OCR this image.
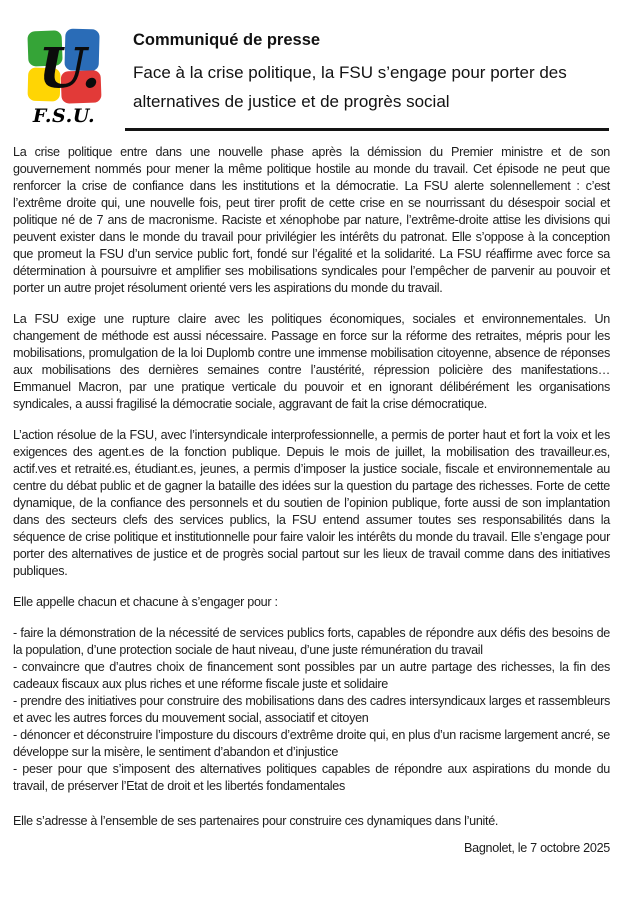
U.
F.S.U.
Communiqué de presse
Face à la crise politique, la FSU s’engage pour porter des alternatives de justice et de progrès social

La crise politique entre dans une nouvelle phase après la démission du Premier ministre et de son gouvernement nommés pour mener la même politique hostile au monde du travail. Cet épisode ne peut que renforcer la crise de confiance dans les institutions et la démocratie. La FSU alerte solennellement : c’est l’extrême droite qui, une nouvelle fois, peut tirer profit de cette crise en se nourrissant du désespoir social et politique né de 7 ans de macronisme. Raciste et xénophobe par nature, l’extrême-droite attise les divisions qui peuvent exister dans le monde du travail pour privilégier les intérêts du patronat. Elle s’oppose à la conception que promeut la FSU d’un service public fort, fondé sur l’égalité et la solidarité. La FSU réaffirme avec force sa détermination à poursuivre et amplifier ses mobilisations syndicales pour l’empêcher de parvenir au pouvoir et porter un autre projet résolument orienté vers les aspirations du monde du travail.

La FSU exige une rupture claire avec les politiques économiques, sociales et environnementales. Un changement de méthode est aussi nécessaire. Passage en force sur la réforme des retraites, mépris pour les mobilisations, promulgation de la loi Duplomb contre une immense mobilisation citoyenne, absence de réponses aux mobilisations des dernières semaines contre l’austérité, répression policière des manifestations… Emmanuel Macron, par une pratique verticale du pouvoir et en ignorant délibérément les organisations syndicales, a aussi fragilisé la démocratie sociale, aggravant de fait la crise démocratique.

L’action résolue de la FSU, avec l’intersyndicale interprofessionnelle, a permis de porter haut et fort la voix et les exigences des agent.es de la fonction publique. Depuis le mois de juillet, la mobilisation des travailleur.es, actif.ves et retraité.es, étudiant.es, jeunes, a permis d’imposer la justice sociale, fiscale et environnementale au centre du débat public et de gagner la bataille des idées sur la question du partage des richesses. Forte de cette dynamique, de la confiance des personnels et du soutien de l’opinion publique, forte aussi de son implantation dans des secteurs clefs des services publics, la FSU entend assumer toutes ses responsabilités dans la séquence de crise politique et institutionnelle pour faire valoir les intérêts du monde du travail. Elle s’engage pour porter des alternatives de justice et de progrès social partout sur les lieux de travail comme dans des initiatives publiques.

Elle appelle chacun et chacune à s’engager pour :

- faire la démonstration de la nécessité de services publics forts, capables de répondre aux défis des besoins de la population, d’une protection sociale de haut niveau, d’une juste rémunération du travail

- convaincre que d’autres choix de financement sont possibles par un autre partage des richesses, la fin des cadeaux fiscaux aux plus riches et une réforme fiscale juste et solidaire

- prendre des initiatives pour construire des mobilisations dans des cadres intersyndicaux larges et rassembleurs et avec les autres forces du mouvement social, associatif et citoyen

- dénoncer et déconstruire l’imposture du discours d’extrême droite qui, en plus d’un racisme largement ancré, se développe sur la misère, le sentiment d’abandon et d’injustice

- peser pour que s’imposent des alternatives politiques capables de répondre aux aspirations du monde du travail, de préserver l’Etat de droit et les libertés fondamentales

Elle s’adresse à l’ensemble de ses partenaires pour construire ces dynamiques dans l’unité.

Bagnolet, le 7 octobre 2025
